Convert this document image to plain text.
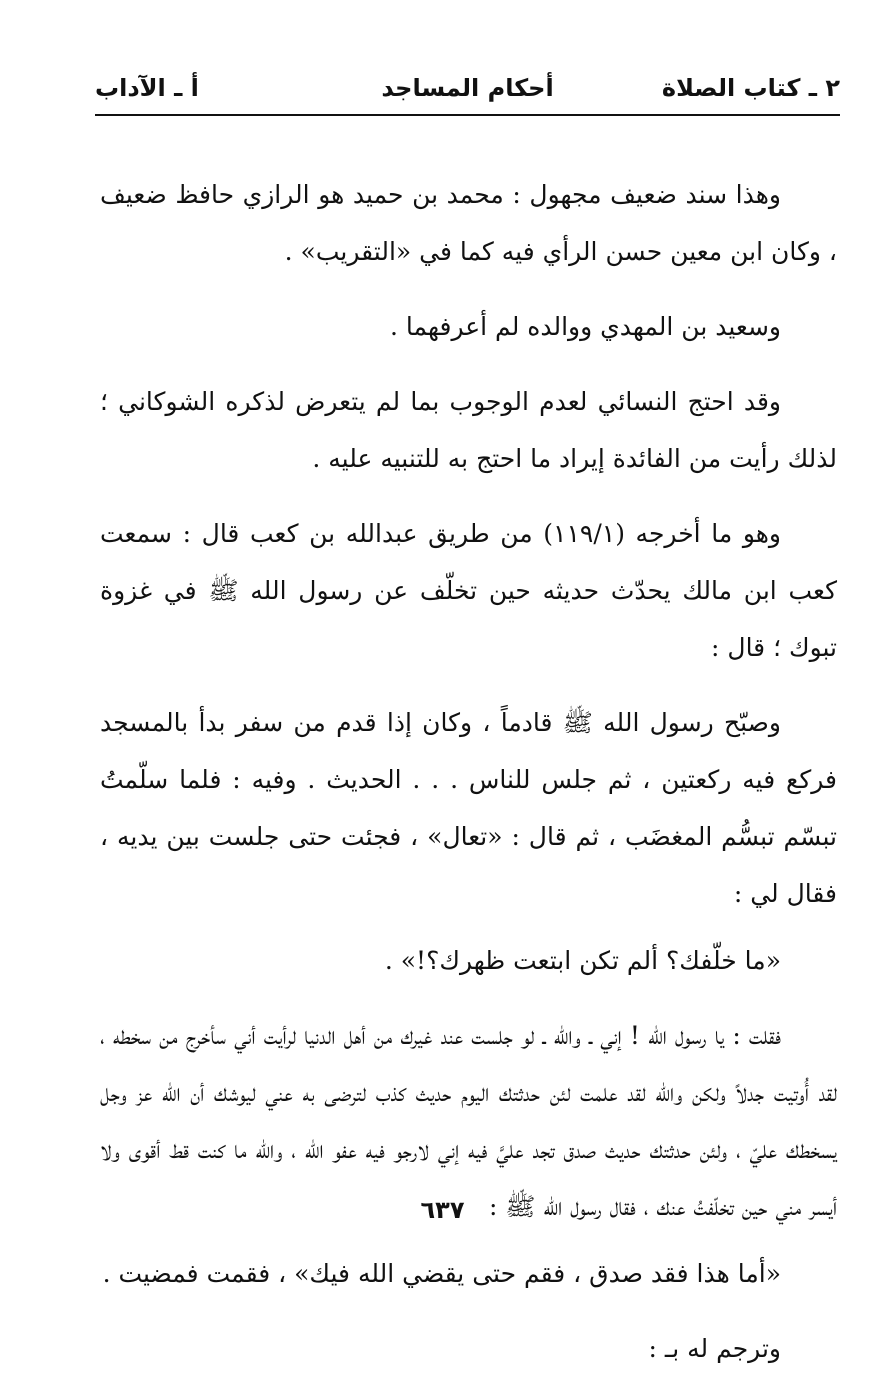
٢ ـ كتاب الصلاة
أحكام المساجد
أ ـ الآداب

وهذا سند ضعيف مجهول : محمد بن حميد هو الرازي حافظ ضعيف ، وكان ابن معين حسن الرأي فيه كما في «التقريب» .

وسعيد بن المهدي ووالده لم أعرفهما .

وقد احتج النسائي لعدم الوجوب بما لم يتعرض لذكره الشوكاني ؛ لذلك رأيت من الفائدة إيراد ما احتج به للتنبيه عليه .

وهو ما أخرجه (١١٩/١) من طريق عبدالله بن كعب قال : سمعت كعب ابن مالك يحدّث حديثه حين تخلّف عن رسول الله ﷺ في غزوة تبوك ؛ قال :

وصبّح رسول الله ﷺ قادماً ، وكان إذا قدم من سفر بدأ بالمسجد فركع فيه ركعتين ، ثم جلس للناس . . . الحديث . وفيه : فلما سلّمتُ تبسّم تبسُّم المغضَب ، ثم قال : «تعال» ، فجئت حتى جلست بين يديه ، فقال لي :

«ما خلّفك؟ ألم تكن ابتعت ظهرك؟!» .

فقلت : يا رسول الله ! إني ـ والله ـ لو جلست عند غيرك من أهل الدنيا لرأيت أني سأخرج من سخطه ، لقد أُوتيت جدلاً ولكن والله لقد علمت لئن حدثتك اليوم حديث كذب لترضى به عني ليوشك أن الله عز وجل يسخطك عليّ ، ولئن حدثتك حديث صدق تجد عليَّ فيه إني لارجو فيه عفو الله ، والله ما كنت قط أقوى ولا أيسر مني حين تخلّفتُ عنك ، فقال رسول الله ﷺ :

«أما هذا فقد صدق ، فقم حتى يقضي الله فيك» ، فقمت فمضيت .

وترجم له بـ :

٦٣٧
